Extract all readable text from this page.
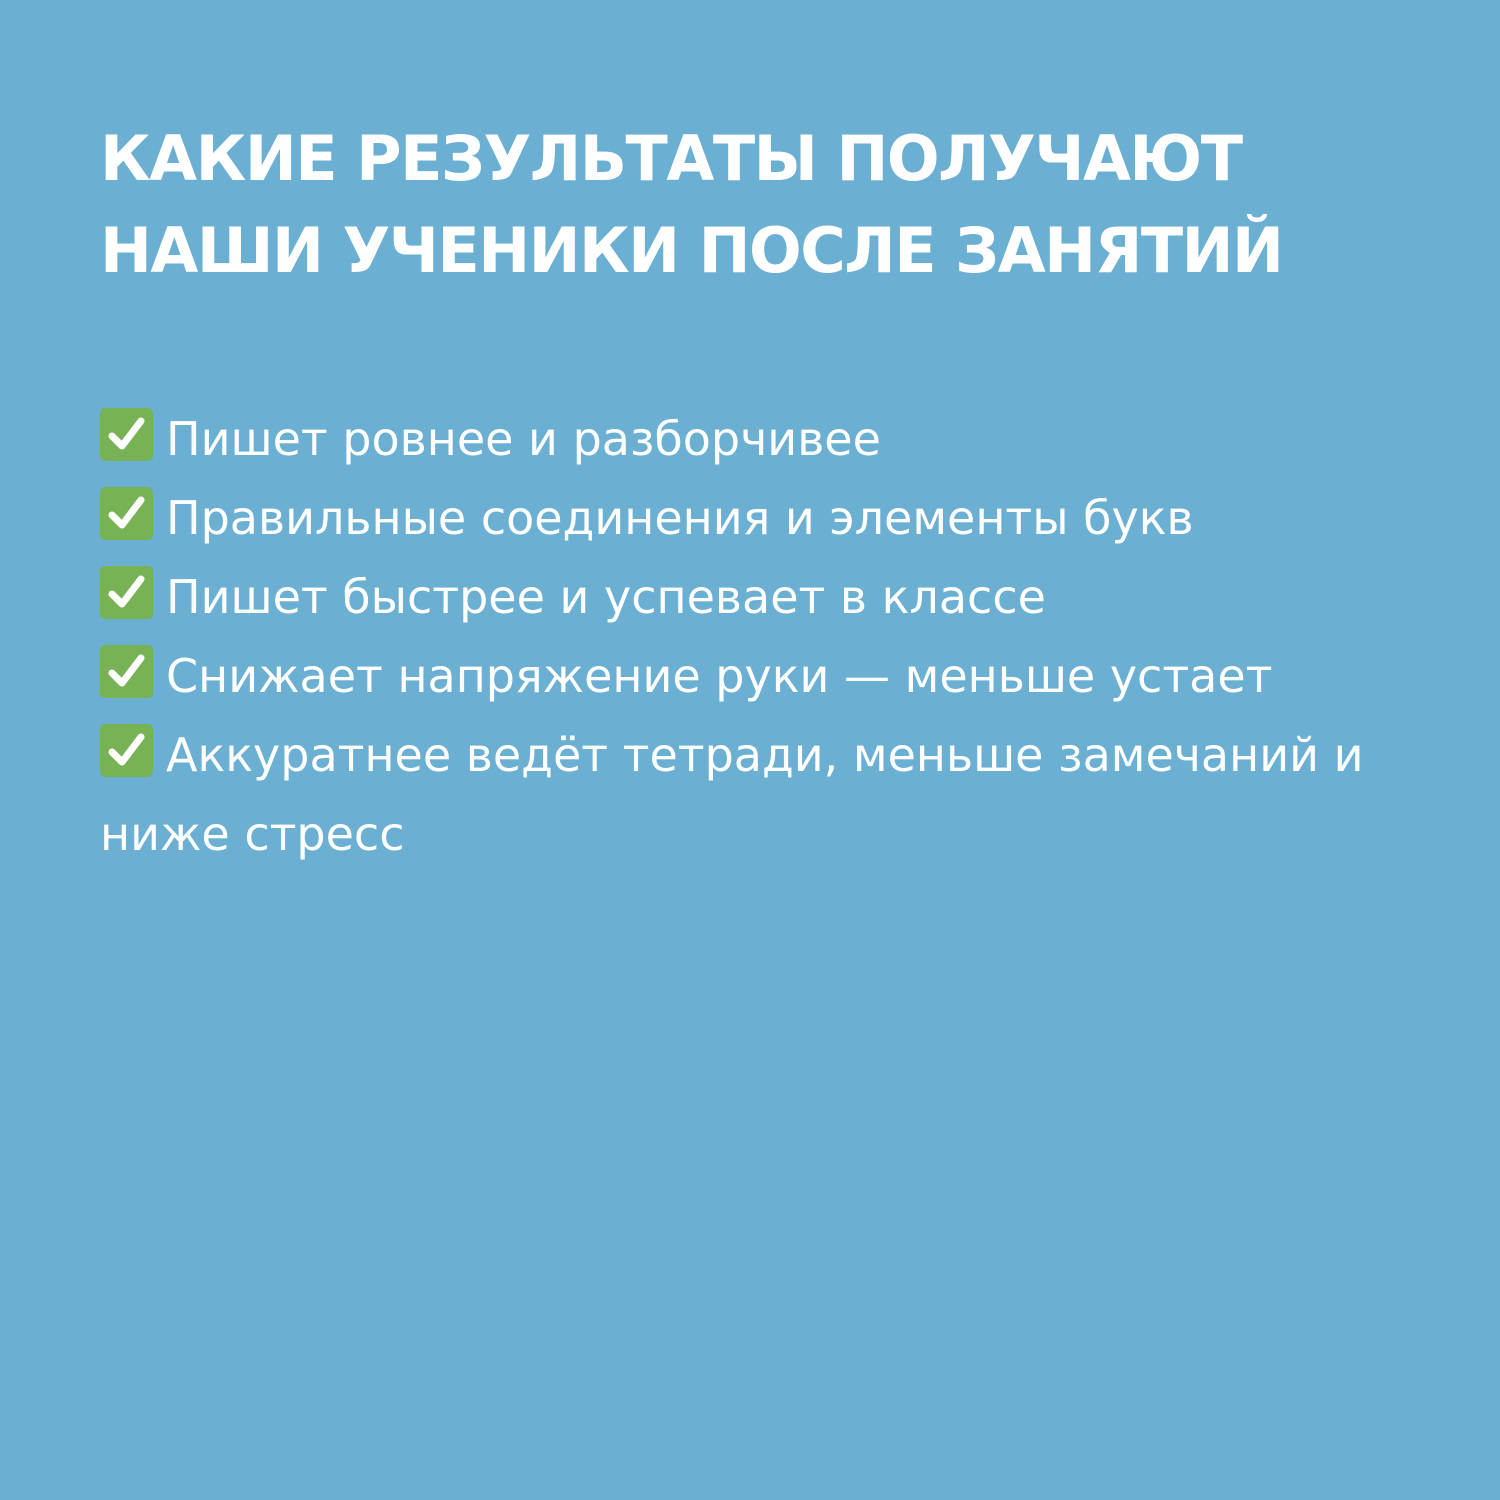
КАКИЕ РЕЗУЛЬТАТЫ ПОЛУЧАЮТ НАШИ УЧЕНИКИ ПОСЛЕ ЗАНЯТИЙ
Пишет ровнее и разборчивее
Правильные соединения и элементы букв
Пишет быстрее и успевает в классе
Снижает напряжение руки — меньше устает
Аккуратнее ведёт тетради, меньше замечаний и ниже стресс
